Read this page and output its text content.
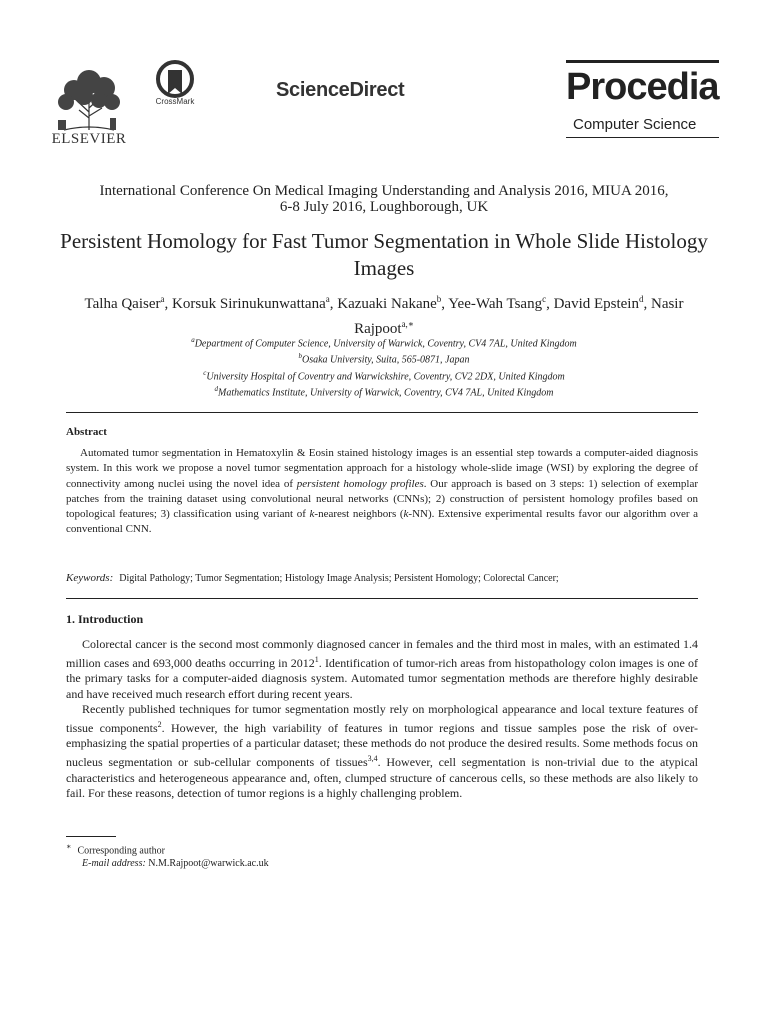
ELSEVIER
CrossMark
ScienceDirect	Procedia
Computer Science
International Conference On Medical Imaging Understanding and Analysis 2016, MIUA 2016,
6-8 July 2016, Loughborough, UK
Persistent Homology for Fast Tumor Segmentation in Whole Slide Histology Images
Talha Qaiser$^a$, Korsuk Sirinukunwattana$^a$, Kazuaki Nakane$^b$, Yee-Wah Tsang$^c$, David Epstein$^d$, Nasir Rajpoot$^{a,∗}$
$^a$Department of Computer Science, University of Warwick, Coventry, CV4 7AL, United Kingdom
$^b$Osaka University, Suita, 565-0871, Japan
$^c$University Hospital of Coventry and Warwickshire, Coventry, CV2 2DX, United Kingdom
$^d$Mathematics Institute, University of Warwick, Coventry, CV4 7AL, United Kingdom
Abstract
Automated tumor segmentation in Hematoxylin & Eosin stained histology images is an essential step towards a computer-aided diagnosis system. In this work we propose a novel tumor segmentation approach for a histology whole-slide image (WSI) by exploring the degree of connectivity among nuclei using the novel idea of persistent homology profiles. Our approach is based on 3 steps: 1) selection of exemplar patches from the training dataset using convolutional neural networks (CNNs); 2) construction of persistent homology profiles based on topological features; 3) classification using variant of k-nearest neighbors (k-NN). Extensive experimental results favor our algorithm over a conventional CNN.
Keywords: Digital Pathology; Tumor Segmentation; Histology Image Analysis; Persistent Homology; Colorectal Cancer;
1. Introduction

Colorectal cancer is the second most commonly diagnosed cancer in females and the third most in males, with an estimated 1.4 million cases and 693,000 deaths occurring in 2012$^1$. Identification of tumor-rich areas from histopathology colon images is one of the primary tasks for a computer-aided diagnosis system. Automated tumor segmentation methods are therefore highly desirable and have received much research effort during recent years.

Recently published techniques for tumor segmentation mostly rely on morphological appearance and local texture features of tissue components$^2$. However, the high variability of features in tumor regions and tissue samples pose the risk of over-emphasizing the spatial properties of a particular dataset; these methods do not produce the desired results. Some methods focus on nucleus segmentation or sub-cellular components of tissues$^{3,4}$. However, cell segmentation is non-trivial due to the atypical characteristics and heterogeneous appearance and, often, clumped structure of cancerous cells, so these methods are also likely to fail. For these reasons, detection of tumor regions is a highly challenging problem.

∗ Corresponding author
E-mail address: N.M.Rajpoot@warwick.ac.uk
